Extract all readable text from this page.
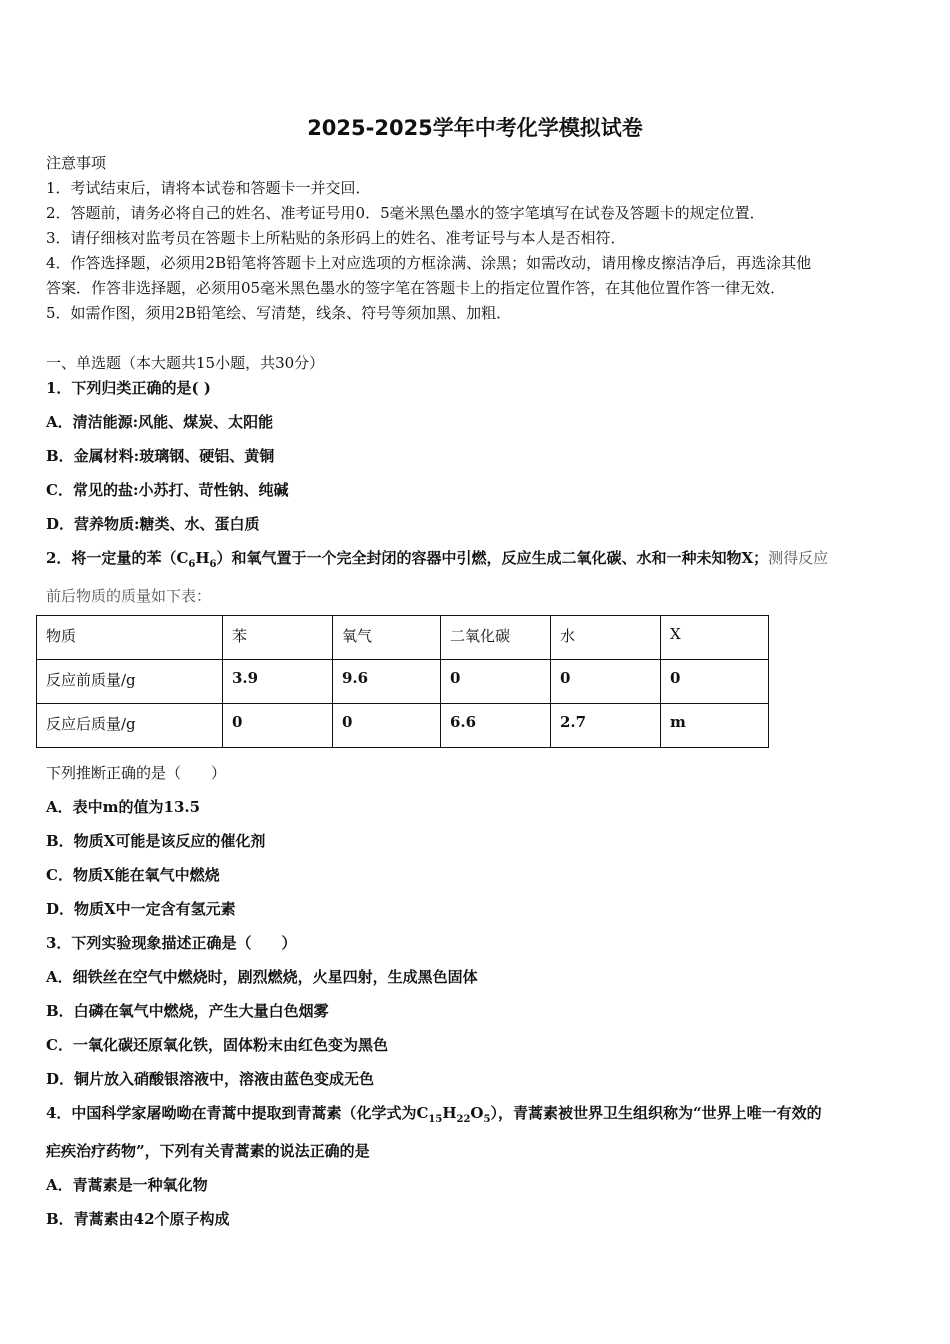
2025-2025学年中考化学模拟试卷
注意事项
1．考试结束后，请将本试卷和答题卡一并交回．
2．答题前，请务必将自己的姓名、准考证号用0．5毫米黑色墨水的签字笔填写在试卷及答题卡的规定位置．
3．请仔细核对监考员在答题卡上所粘贴的条形码上的姓名、准考证号与本人是否相符．
4．作答选择题，必须用2B铅笔将答题卡上对应选项的方框涂满、涂黑；如需改动，请用橡皮擦洁净后，再选涂其他
答案．作答非选择题，必须用05毫米黑色墨水的签字笔在答题卡上的指定位置作答，在其他位置作答一律无效．
5．如需作图，须用2B铅笔绘、写清楚，线条、符号等须加黑、加粗．
一、单选题（本大题共15小题，共30分）
1．下列归类正确的是( )
A．清洁能源:风能、煤炭、太阳能
B．金属材料:玻璃钢、硬铝、黄铜
C．常见的盐:小苏打、苛性钠、纯碱
D．营养物质:糖类、水、蛋白质
2．将一定量的苯$(C_6H_6)$和氧气置于一个完全封闭的容器中引燃，反应生成二氧化碳、水和一种未知物X；测得反应
前后物质的质量如下表：
物质	苯	氧气	二氧化碳	水	X
反应前质量/g	3.9	9.6	0	0	0
反应后质量/g	0	0	6.6	2.7	m
下列推断正确的是（　　）
A．表中m的值为13.5
B．物质X可能是该反应的催化剂
C．物质X能在氧气中燃烧
D．物质X中一定含有氢元素
3．下列实验现象描述正确是（　　）
A．细铁丝在空气中燃烧时，剧烈燃烧，火星四射，生成黑色固体
B．白磷在氧气中燃烧，产生大量白色烟雾
C．一氧化碳还原氧化铁，固体粉末由红色变为黑色
D．铜片放入硝酸银溶液中，溶液由蓝色变成无色
4．中国科学家屠呦呦在青蒿中提取到青蒿素（化学式为$C_{15}H_{22}O_5$），青蒿素被世界卫生组织称为“世界上唯一有效的
疟疾治疗药物”，下列有关青蒿素的说法正确的是
A．青蒿素是一种氧化物
B．青蒿素由42个原子构成
